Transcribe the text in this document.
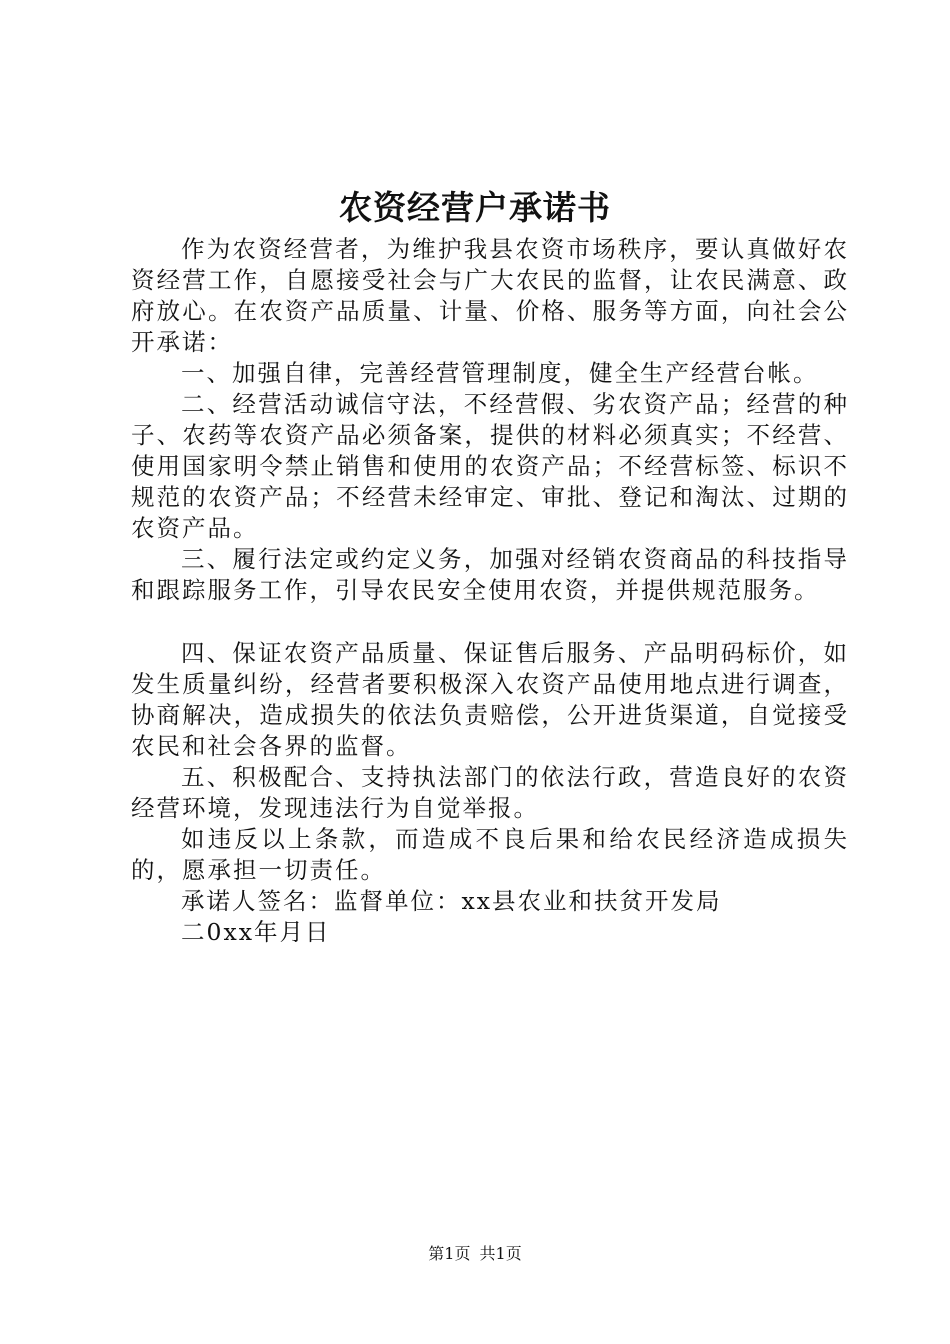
农资经营户承诺书

作为农资经营者，为维护我县农资市场秩序，要认真做好农资经营工作，自愿接受社会与广大农民的监督，让农民满意、政府放心。在农资产品质量、计量、价格、服务等方面，向社会公开承诺：

一、加强自律，完善经营管理制度，健全生产经营台帐。

二、经营活动诚信守法，不经营假、劣农资产品；经营的种子、农药等农资产品必须备案，提供的材料必须真实；不经营、使用国家明令禁止销售和使用的农资产品；不经营标签、标识不规范的农资产品；不经营未经审定、审批、登记和淘汰、过期的农资产品。

三、履行法定或约定义务，加强对经销农资商品的科技指导和跟踪服务工作，引导农民安全使用农资，并提供规范服务。

四、保证农资产品质量、保证售后服务、产品明码标价，如发生质量纠纷，经营者要积极深入农资产品使用地点进行调查，协商解决，造成损失的依法负责赔偿，公开进货渠道，自觉接受农民和社会各界的监督。

五、积极配合、支持执法部门的依法行政，营造良好的农资经营环境，发现违法行为自觉举报。

如违反以上条款，而造成不良后果和给农民经济造成损失的，愿承担一切责任。

承诺人签名：监督单位：xx县农业和扶贫开发局

二0xx年月日

第1页 共1页
